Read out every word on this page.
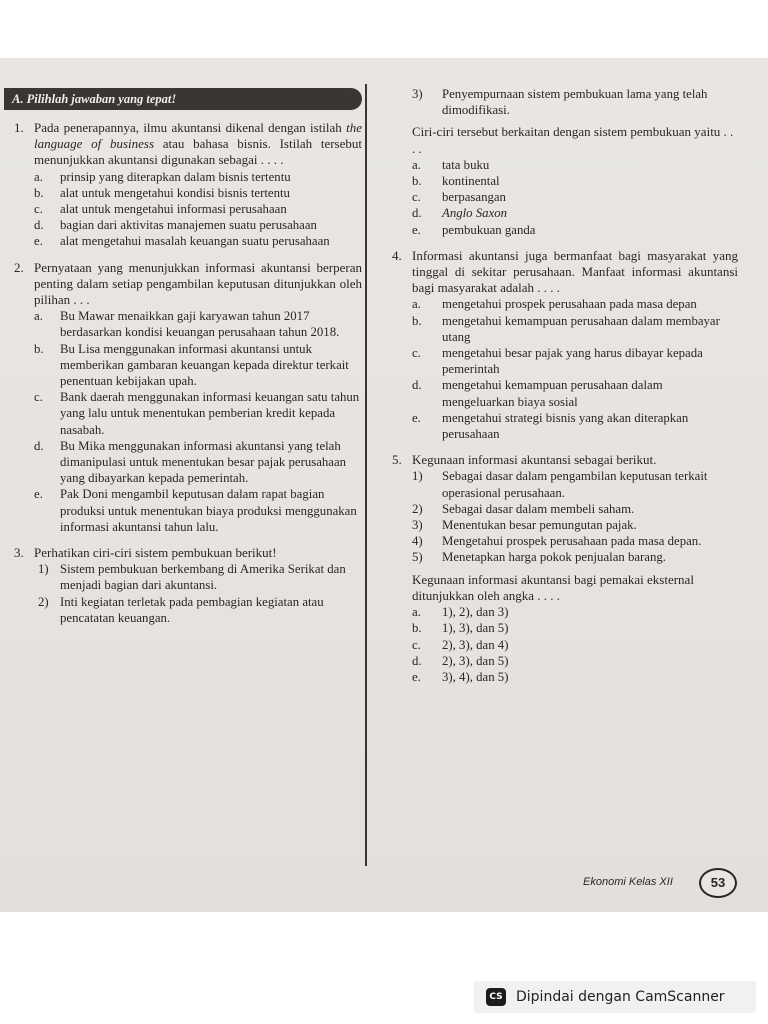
A. Pilihlah jawaban yang tepat!
1. Pada penerapannya, ilmu akuntansi dikenal dengan istilah the language of business atau bahasa bisnis. Istilah tersebut menunjukkan akuntansi digunakan sebagai . . . .
a. prinsip yang diterapkan dalam bisnis tertentu
b. alat untuk mengetahui kondisi bisnis tertentu
c. alat untuk mengetahui informasi perusahaan
d. bagian dari aktivitas manajemen suatu perusahaan
e. alat mengetahui masalah keuangan suatu perusahaan
2. Pernyataan yang menunjukkan informasi akuntansi berperan penting dalam setiap pengambilan keputusan ditunjukkan oleh pilihan . . .
a. Bu Mawar menaikkan gaji karyawan tahun 2017 berdasarkan kondisi keuangan perusahaan tahun 2018.
b. Bu Lisa menggunakan informasi akuntansi untuk memberikan gambaran keuangan kepada direktur terkait penentuan kebijakan upah.
c. Bank daerah menggunakan informasi keuangan satu tahun yang lalu untuk menentukan pemberian kredit kepada nasabah.
d. Bu Mika menggunakan informasi akuntansi yang telah dimanipulasi untuk menentukan besar pajak perusahaan yang dibayarkan kepada pemerintah.
e. Pak Doni mengambil keputusan dalam rapat bagian produksi untuk menentukan biaya produksi menggunakan informasi akuntansi tahun lalu.
3. Perhatikan ciri-ciri sistem pembukuan berikut!
1) Sistem pembukuan berkembang di Amerika Serikat dan menjadi bagian dari akuntansi.
2) Inti kegiatan terletak pada pembagian kegiatan atau pencatatan keuangan.
3) Penyempurnaan sistem pembukuan lama yang telah dimodifikasi.
Ciri-ciri tersebut berkaitan dengan sistem pembukuan yaitu . . . .
a. tata buku
b. kontinental
c. berpasangan
d. Anglo Saxon
e. pembukuan ganda
4. Informasi akuntansi juga bermanfaat bagi masyarakat yang tinggal di sekitar perusahaan. Manfaat informasi akuntansi bagi masyarakat adalah . . . .
a. mengetahui prospek perusahaan pada masa depan
b. mengetahui kemampuan perusahaan dalam membayar utang
c. mengetahui besar pajak yang harus dibayar kepada pemerintah
d. mengetahui kemampuan perusahaan dalam mengeluarkan biaya sosial
e. mengetahui strategi bisnis yang akan diterapkan perusahaan
5. Kegunaan informasi akuntansi sebagai berikut.
1) Sebagai dasar dalam pengambilan keputusan terkait operasional perusahaan.
2) Sebagai dasar dalam membeli saham.
3) Menentukan besar pemungutan pajak.
4) Mengetahui prospek perusahaan pada masa depan.
5) Menetapkan harga pokok penjualan barang.
Kegunaan informasi akuntansi bagi pemakai eksternal ditunjukkan oleh angka . . . .
a. 1), 2), dan 3)
b. 1), 3), dan 5)
c. 2), 3), dan 4)
d. 2), 3), dan 5)
e. 3), 4), dan 5)
Ekonomi Kelas XII	53
CS Dipindai dengan CamScanner
